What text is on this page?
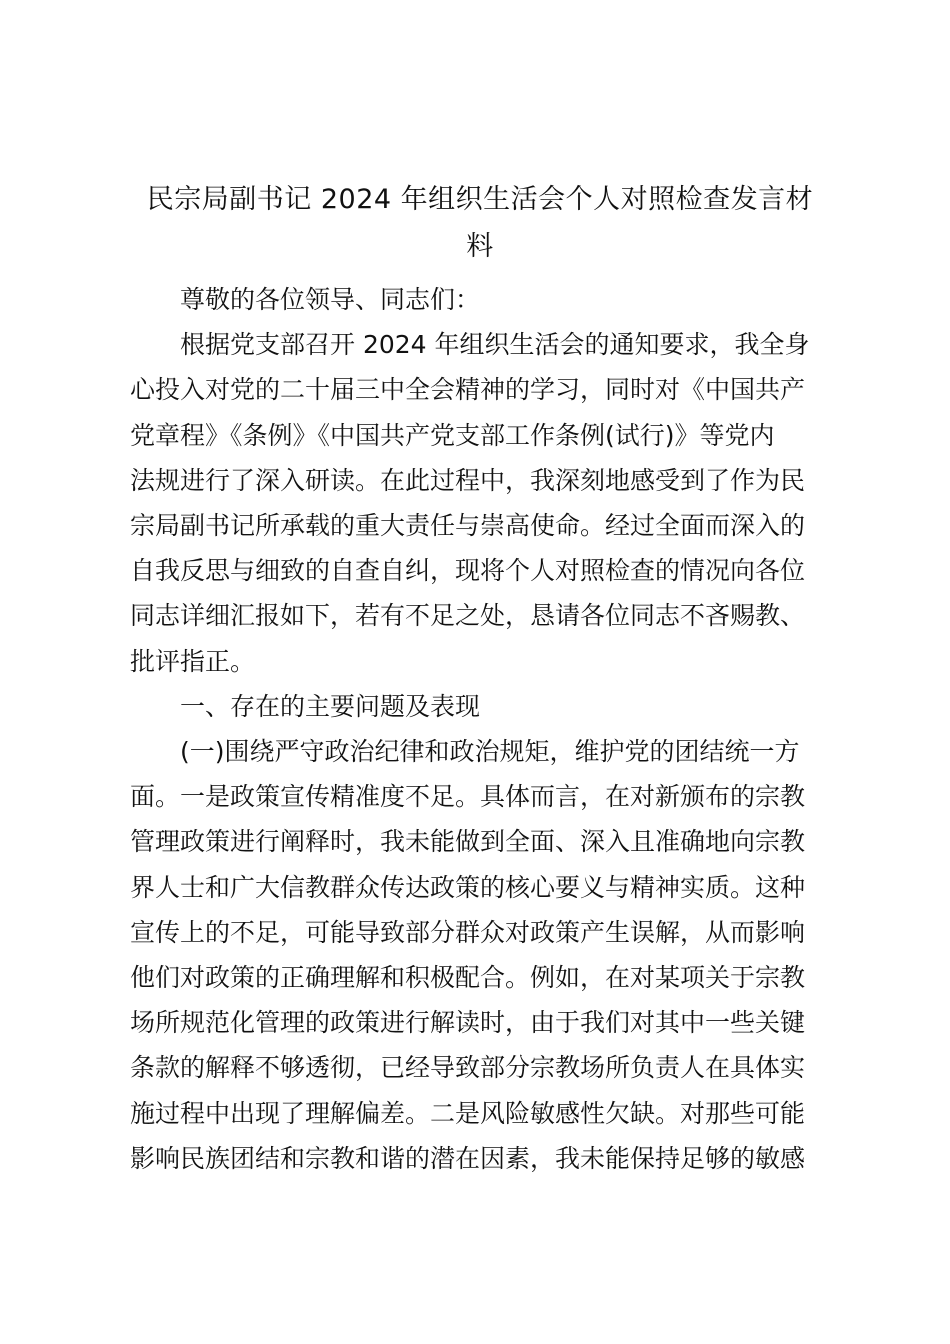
民宗局副书记 2024 年组织生活会个人对照检查发言材
料

尊敬的各位领导、同志们：

根据党支部召开 2024 年组织生活会的通知要求，我全身
心投入对党的二十届三中全会精神的学习，同时对《中国共产
党章程》《条例》《中国共产党支部工作条例(试行)》等党内
法规进行了深入研读。在此过程中，我深刻地感受到了作为民
宗局副书记所承载的重大责任与崇高使命。经过全面而深入的
自我反思与细致的自查自纠，现将个人对照检查的情况向各位
同志详细汇报如下，若有不足之处，恳请各位同志不吝赐教、
批评指正。

一、存在的主要问题及表现

(一)围绕严守政治纪律和政治规矩，维护党的团结统一方
面。一是政策宣传精准度不足。具体而言，在对新颁布的宗教
管理政策进行阐释时，我未能做到全面、深入且准确地向宗教
界人士和广大信教群众传达政策的核心要义与精神实质。这种
宣传上的不足，可能导致部分群众对政策产生误解，从而影响
他们对政策的正确理解和积极配合。例如，在对某项关于宗教
场所规范化管理的政策进行解读时，由于我们对其中一些关键
条款的解释不够透彻，已经导致部分宗教场所负责人在具体实
施过程中出现了理解偏差。二是风险敏感性欠缺。对那些可能
影响民族团结和宗教和谐的潜在因素，我未能保持足够的敏感
